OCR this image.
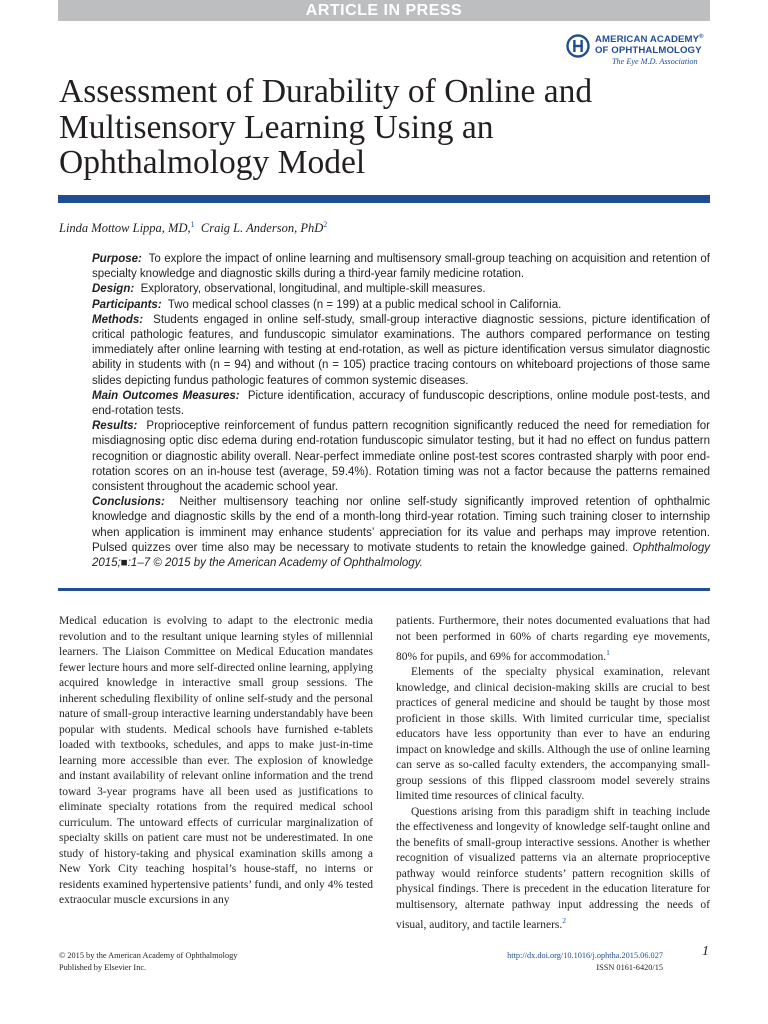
ARTICLE IN PRESS
AMERICAN ACADEMY®
OF OPHTHALMOLOGY
The Eye M.D. Association
Assessment of Durability of Online and Multisensory Learning Using an Ophthalmology Model
Linda Mottow Lippa, MD,$^1$ Craig L. Anderson, PhD$^2$

Purpose: To explore the impact of online learning and multisensory small-group teaching on acquisition and retention of specialty knowledge and diagnostic skills during a third-year family medicine rotation.

Design: Exploratory, observational, longitudinal, and multiple-skill measures.

Participants: Two medical school classes (n = 199) at a public medical school in California.

Methods: Students engaged in online self-study, small-group interactive diagnostic sessions, picture identification of critical pathologic features, and funduscopic simulator examinations. The authors compared performance on testing immediately after online learning with testing at end-rotation, as well as picture identification versus simulator diagnostic ability in students with (n = 94) and without (n = 105) practice tracing contours on whiteboard projections of those same slides depicting fundus pathologic features of common systemic diseases.

Main Outcomes Measures: Picture identification, accuracy of funduscopic descriptions, online module post-tests, and end-rotation tests.

Results: Proprioceptive reinforcement of fundus pattern recognition significantly reduced the need for remediation for misdiagnosing optic disc edema during end-rotation funduscopic simulator testing, but it had no effect on fundus pattern recognition or diagnostic ability overall. Near-perfect immediate online post-test scores contrasted sharply with poor end-rotation scores on an in-house test (average, 59.4%). Rotation timing was not a factor because the patterns remained consistent throughout the academic school year.

Conclusions: Neither multisensory teaching nor online self-study significantly improved retention of ophthalmic knowledge and diagnostic skills by the end of a month-long third-year rotation. Timing such training closer to internship when application is imminent may enhance students’ appreciation for its value and perhaps may improve retention. Pulsed quizzes over time also may be necessary to motivate students to retain the knowledge gained. Ophthalmology 2015;■:1–7 © 2015 by the American Academy of Ophthalmology.

Medical education is evolving to adapt to the electronic media revolution and to the resultant unique learning styles of millennial learners. The Liaison Committee on Medical Education mandates fewer lecture hours and more self-directed online learning, applying acquired knowledge in interactive small group sessions. The inherent scheduling flexibility of online self-study and the personal nature of small-group interactive learning understandably have been popular with students. Medical schools have furnished e-tablets loaded with textbooks, schedules, and apps to make just-in-time learning more accessible than ever. The explosion of knowledge and instant availability of relevant online information and the trend toward 3-year programs have all been used as justifications to eliminate specialty rotations from the required medical school curriculum. The untoward effects of curricular marginalization of specialty skills on patient care must not be underestimated. In one study of history-taking and physical examination skills among a New York City teaching hospital’s house-staff, no interns or residents examined hypertensive patients’ fundi, and only 4% tested extraocular muscle excursions in any

patients. Furthermore, their notes documented evaluations that had not been performed in 60% of charts regarding eye movements, 80% for pupils, and 69% for accommodation.$^1$

Elements of the specialty physical examination, relevant knowledge, and clinical decision-making skills are crucial to best practices of general medicine and should be taught by those most proficient in those skills. With limited curricular time, specialist educators have less opportunity than ever to have an enduring impact on knowledge and skills. Although the use of online learning can serve as so-called faculty extenders, the accompanying small-group sessions of this flipped classroom model severely strains limited time resources of clinical faculty.

Questions arising from this paradigm shift in teaching include the effectiveness and longevity of knowledge self-taught online and the benefits of small-group interactive sessions. Another is whether recognition of visualized patterns via an alternate proprioceptive pathway would reinforce students’ pattern recognition skills of physical findings. There is precedent in the education literature for multisensory, alternate pathway input addressing the needs of visual, auditory, and tactile learners.$^2$

© 2015 by the American Academy of Ophthalmology
Published by Elsevier Inc.
http://dx.doi.org/10.1016/j.ophtha.2015.06.027
ISSN 0161-6420/15
1
